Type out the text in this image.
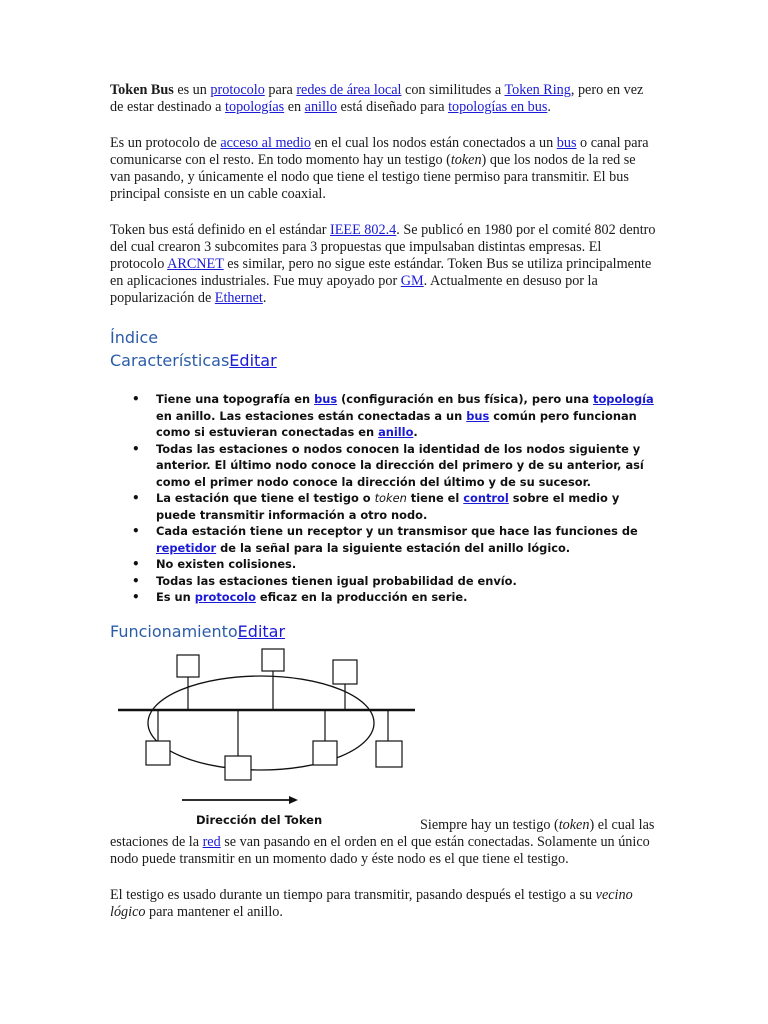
Token Bus es un protocolo para redes de área local con similitudes a Token Ring, pero en vez de estar destinado a topologías en anillo está diseñado para topologías en bus.

Es un protocolo de acceso al medio en el cual los nodos están conectados a un bus o canal para comunicarse con el resto. En todo momento hay un testigo (token) que los nodos de la red se van pasando, y únicamente el nodo que tiene el testigo tiene permiso para transmitir. El bus principal consiste en un cable coaxial.

Token bus está definido en el estándar IEEE 802.4. Se publicó en 1980 por el comité 802 dentro del cual crearon 3 subcomites para 3 propuestas que impulsaban distintas empresas. El protocolo ARCNET es similar, pero no sigue este estándar. Token Bus se utiliza principalmente en aplicaciones industriales. Fue muy apoyado por GM. Actualmente en desuso por la popularización de Ethernet.

Índice
CaracterísticasEditar
• Tiene una topografía en bus (configuración en bus física), pero una topología en anillo. Las estaciones están conectadas a un bus común pero funcionan como si estuvieran conectadas en anillo.
• Todas las estaciones o nodos conocen la identidad de los nodos siguiente y anterior. El último nodo conoce la dirección del primero y de su anterior, así como el primer nodo conoce la dirección del último y de su sucesor.
• La estación que tiene el testigo o token tiene el control sobre el medio y puede transmitir información a otro nodo.
• Cada estación tiene un receptor y un transmisor que hace las funciones de repetidor de la señal para la siguiente estación del anillo lógico.
• No existen colisiones.
• Todas las estaciones tienen igual probabilidad de envío.
• Es un protocolo eficaz en la producción en serie.
FuncionamientoEditar
Dirección del Token	Siempre hay un testigo (token) el cual las estaciones de la red se van pasando en el orden en el que están conectadas. Solamente un único nodo puede transmitir en un momento dado y éste nodo es el que tiene el testigo.

El testigo es usado durante un tiempo para transmitir, pasando después el testigo a su vecino lógico para mantener el anillo.
